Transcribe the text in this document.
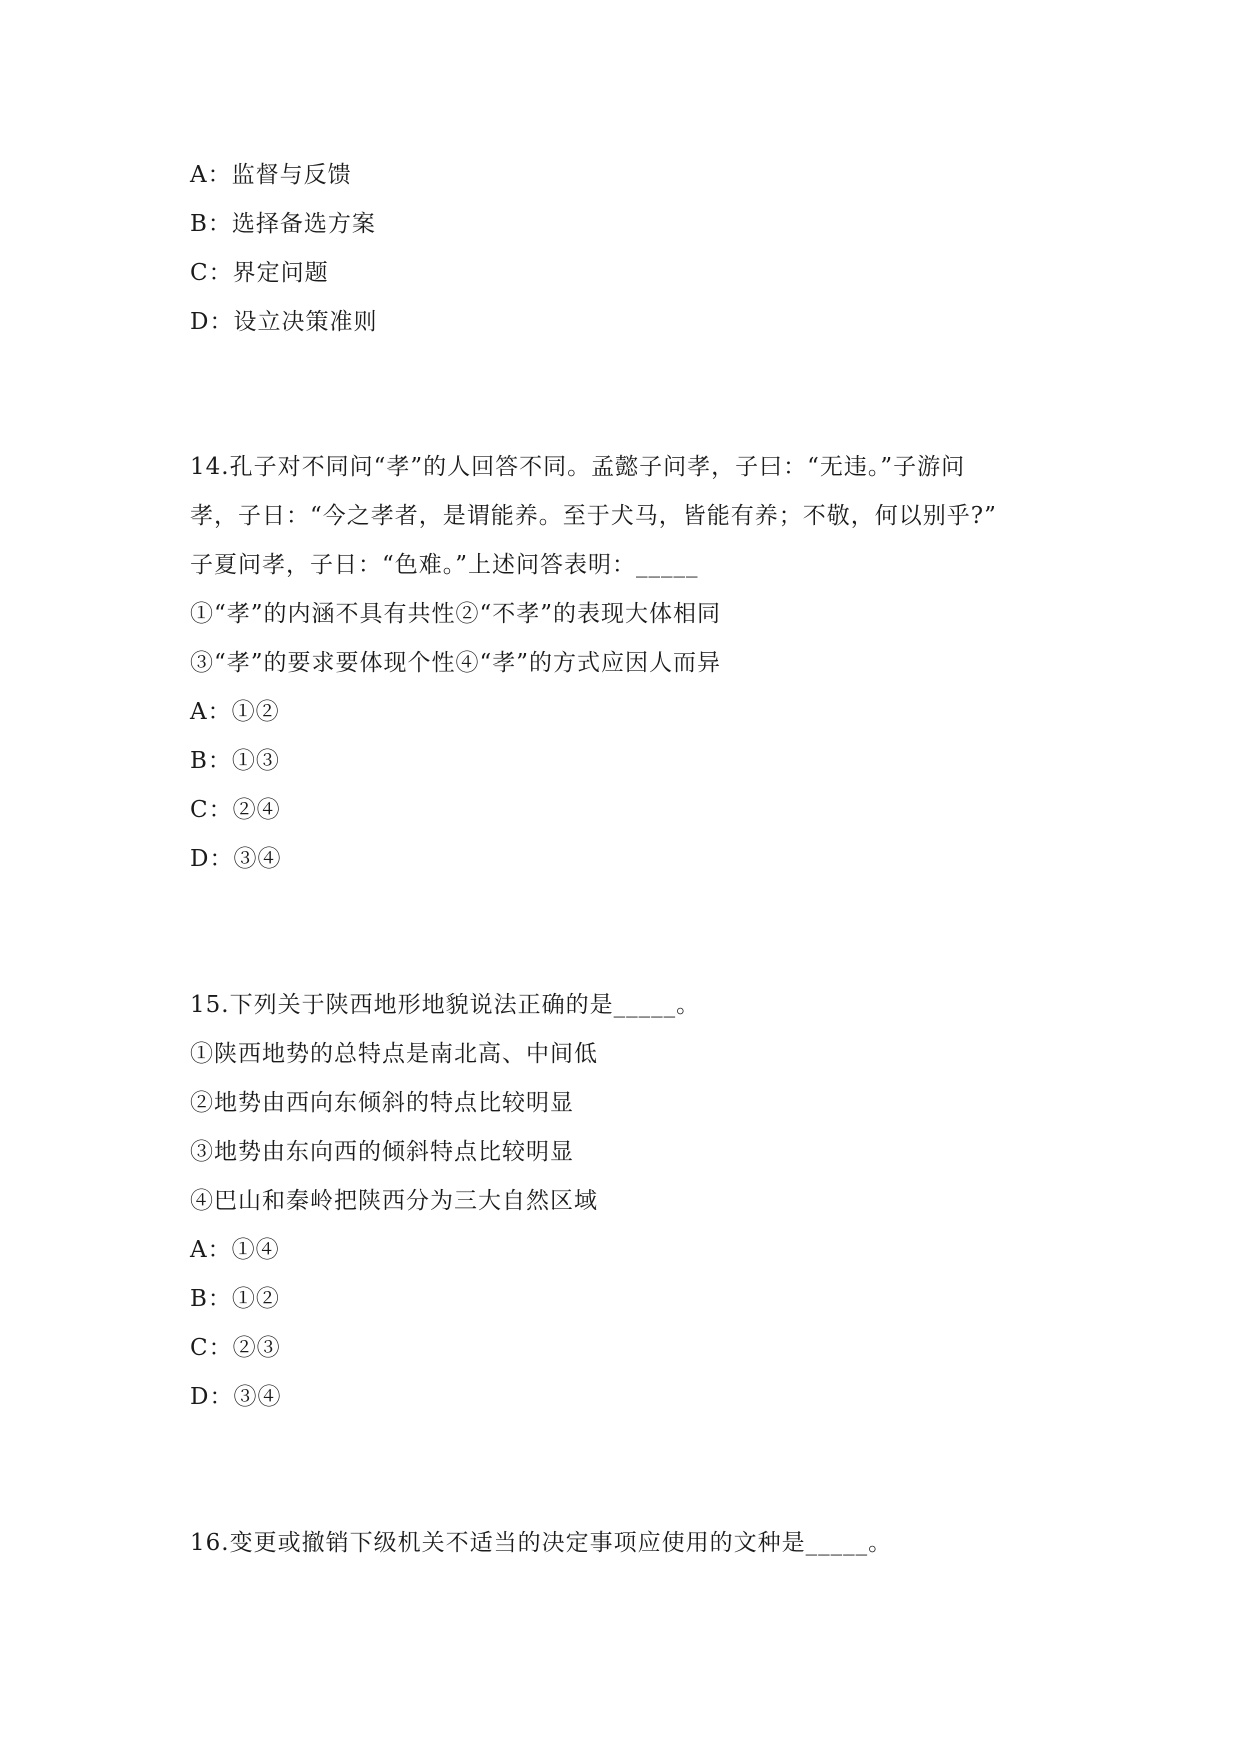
A：监督与反馈
B：选择备选方案
C：界定问题
D：设立决策准则
14.孔子对不同问“孝”的人回答不同。孟懿子问孝，子曰：“无违。”子游问
孝，子日：“今之孝者，是谓能养。至于犬马，皆能有养；不敬，何以别乎?”
子夏问孝，子日：“色难。”上述问答表明：_____
①“孝”的内涵不具有共性②“不孝”的表现大体相同
③“孝”的要求要体现个性④“孝”的方式应因人而异
A：①②
B：①③
C：②④
D：③④
15.下列关于陕西地形地貌说法正确的是_____。
①陕西地势的总特点是南北高、中间低
②地势由西向东倾斜的特点比较明显
③地势由东向西的倾斜特点比较明显
④巴山和秦岭把陕西分为三大自然区域
A：①④
B：①②
C：②③
D：③④
16.变更或撤销下级机关不适当的决定事项应使用的文种是_____。
